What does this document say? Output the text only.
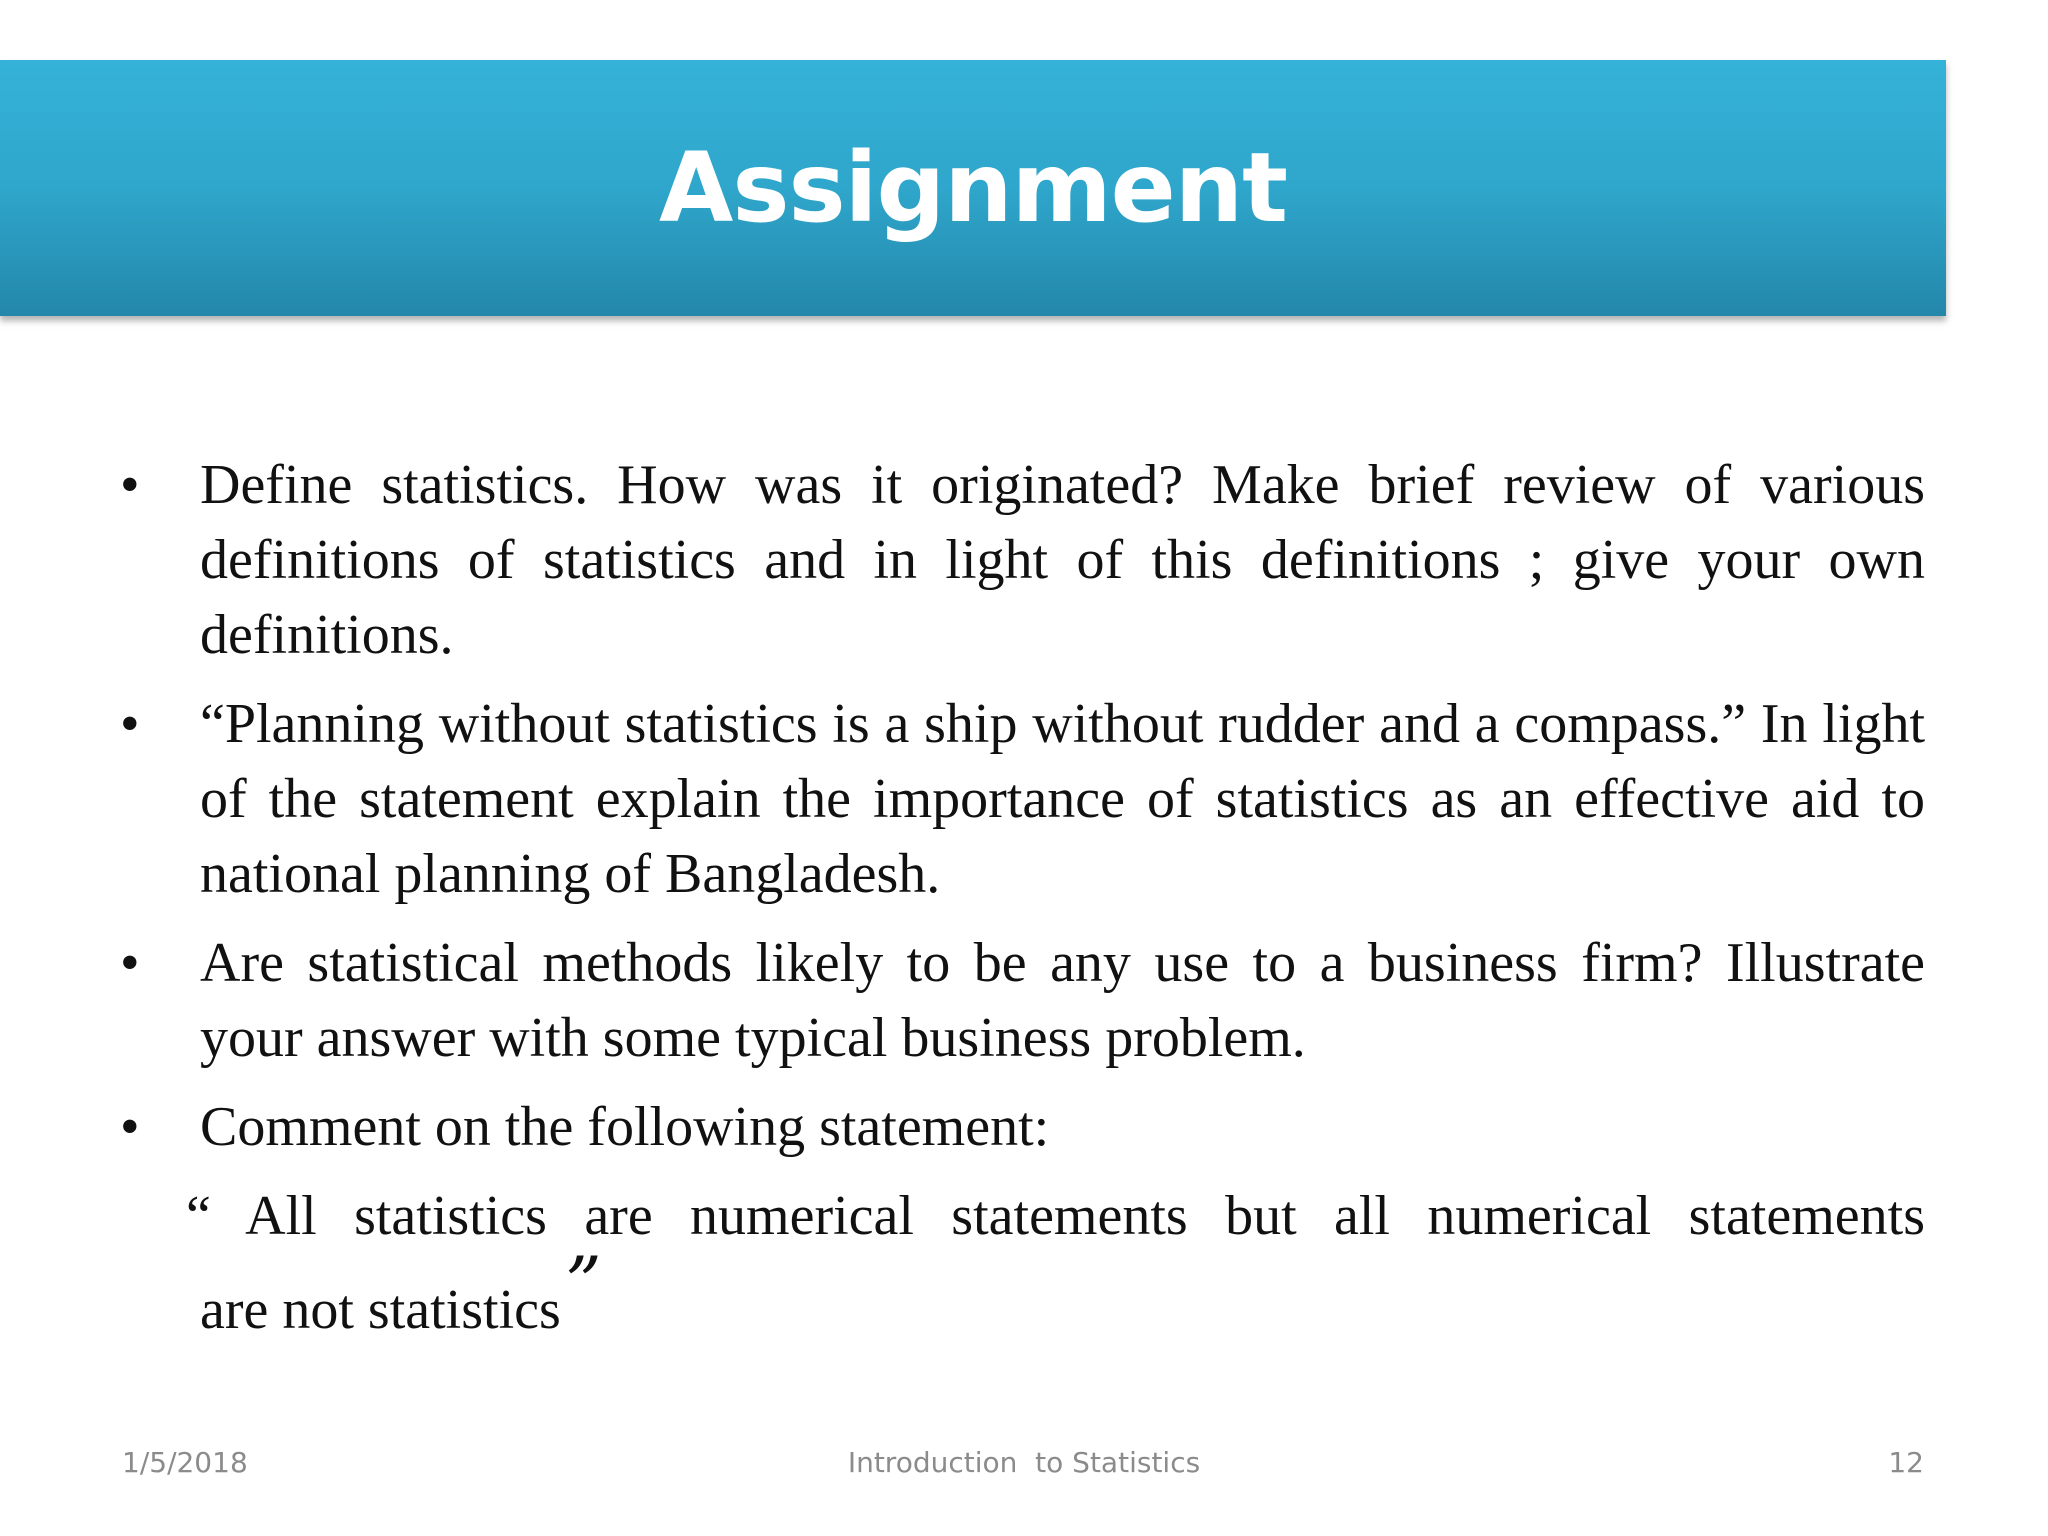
Assignment
•	Define statistics. How was it originated? Make brief review of various definitions of statistics and in light of this definitions ; give your own definitions.
•	“Planning without statistics is a ship without rudder and a compass.” In light of the statement explain the importance of statistics as an effective aid to national planning of Bangladesh.
•	Are statistical methods likely to be any use to a business firm? Illustrate your answer with some typical business problem.
•	Comment on the following statement:
“ All statistics are numerical statements but all numerical statements
are not statistics”
1/5/2018	Introduction  to Statistics	12
